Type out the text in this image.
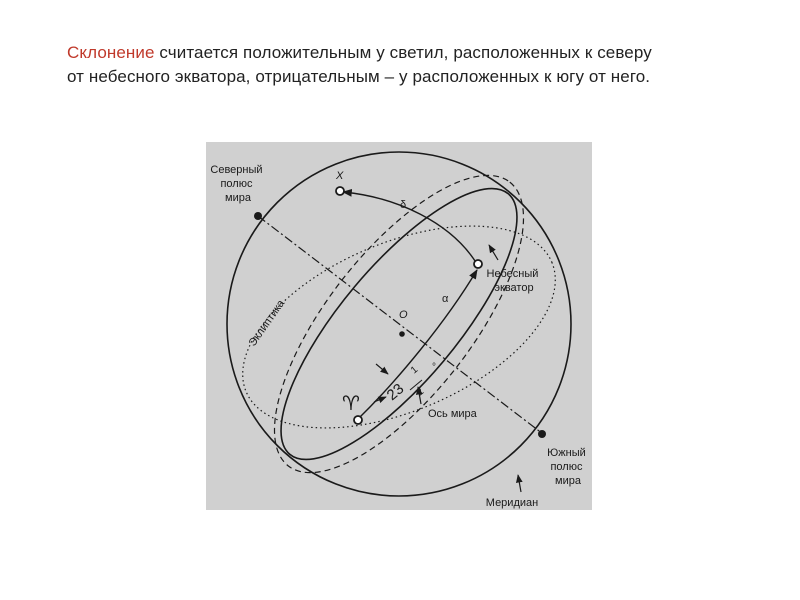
Склонение считается положительным у светил, расположенных к северу
от небесного экватора, отрицательным – у расположенных к югу от него.
Северный полюс мира
X
δ
α
O
Небесный экватор
Эклиптика
23
1
2
°
♈	Ось мира
Южный полюс мира
Меридиан
